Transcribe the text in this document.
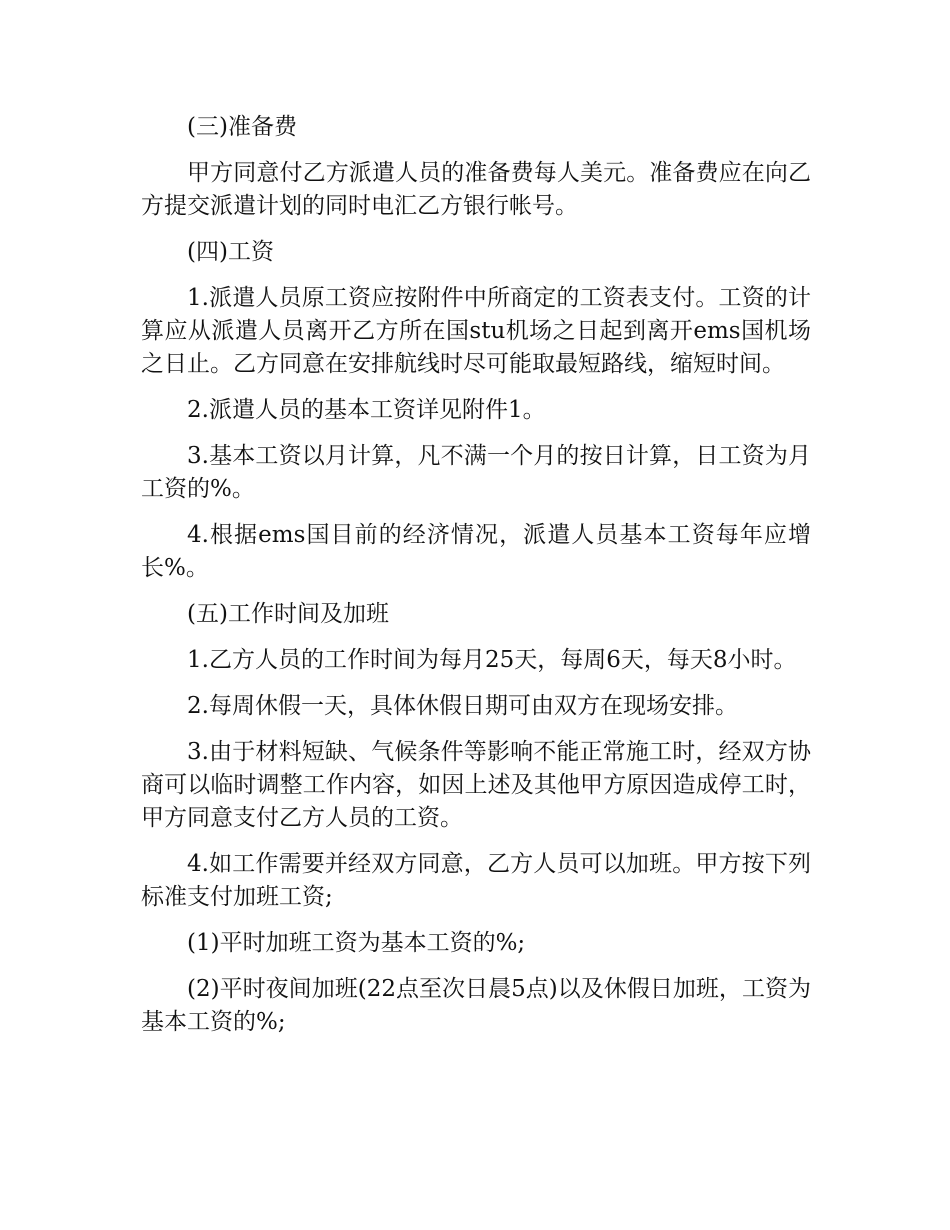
(三)准备费

甲方同意付乙方派遣人员的准备费每人美元。准备费应在向乙方提交派遣计划的同时电汇乙方银行帐号。

(四)工资

1.派遣人员原工资应按附件中所商定的工资表支付。工资的计算应从派遣人员离开乙方所在国stu机场之日起到离开ems国机场之日止。乙方同意在安排航线时尽可能取最短路线，缩短时间。

2.派遣人员的基本工资详见附件1。

3.基本工资以月计算，凡不满一个月的按日计算，日工资为月工资的%。

4.根据ems国目前的经济情况，派遣人员基本工资每年应增长%。

(五)工作时间及加班

1.乙方人员的工作时间为每月25天，每周6天，每天8小时。

2.每周休假一天，具体休假日期可由双方在现场安排。

3.由于材料短缺、气候条件等影响不能正常施工时，经双方协商可以临时调整工作内容，如因上述及其他甲方原因造成停工时，甲方同意支付乙方人员的工资。

4.如工作需要并经双方同意，乙方人员可以加班。甲方按下列标准支付加班工资;

(1)平时加班工资为基本工资的%;

(2)平时夜间加班(22点至次日晨5点)以及休假日加班，工资为基本工资的%;
